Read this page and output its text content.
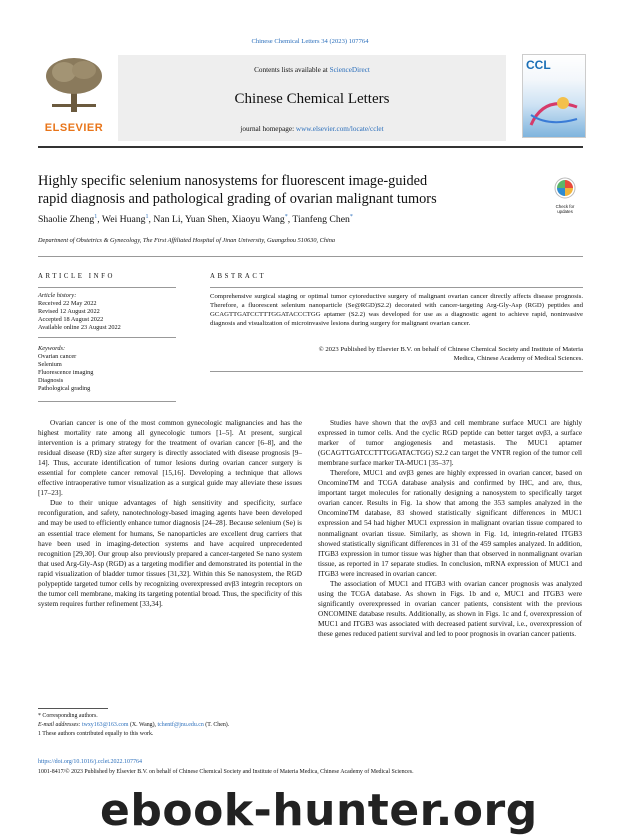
Chinese Chemical Letters 34 (2023) 107764
ELSEVIER
Contents lists available at ScienceDirect
Chinese Chemical Letters
journal homepage: www.elsevier.com/locate/cclet
CCL
Highly specific selenium nanosystems for fluorescent image-guided
rapid diagnosis and pathological grading of ovarian malignant tumors	Check for updates
Shaolie Zheng$^1$, Wei Huang$^1$, Nan Li, Yuan Shen, Xiaoyu Wang*, Tianfeng Chen*
Department of Obstetrics & Gynecology, The First Affiliated Hospital of Jinan University, Guangzhou 510630, China
ARTICLE INFO	ABSTRACT
Article history:
Received 22 May 2022
Revised 12 August 2022
Accepted 18 August 2022
Available online 23 August 2022
Keywords:
Ovarian cancer
Selenium
Fluorescence imaging
Diagnosis
Pathological grading
Comprehensive surgical staging or optimal tumor cytoreductive surgery of malignant ovarian cancer directly affects disease prognosis. Therefore, a fluorescent selenium nanoparticle (Se@RGD)S2.2) decorated with cancer-targeting Arg-Gly-Asp (RGD) peptides and GCAGTTGATCCTTTGGATACCCTGG aptamer (S2.2) was developed for use as a diagnostic agent to achieve rapid, noninvasive diagnosis and visualization of microinvasive lesions during surgery for malignant ovarian cancer.
© 2023 Published by Elsevier B.V. on behalf of Chinese Chemical Society and Institute of Materia
Medica, Chinese Academy of Medical Sciences.

Ovarian cancer is one of the most common gynecologic malignancies and has the highest mortality rate among all gynecologic tumors [1–5]. At present, surgical intervention is a primary strategy for the treatment of ovarian cancer [6–8], and the residual disease (RD) size after surgery is directly associated with disease prognosis [9–14]. Thus, accurate identification of tumor lesions during ovarian cancer surgery is essential for complete cancer removal [15,16]. Developing a technique that allows effective intraoperative tumor visualization as a surgical guide may alleviate these issues [17–23].

Due to their unique advantages of high sensitivity and specificity, surface reconfiguration, and safety, nanotechnology-based imaging agents have been developed and may be used to efficiently enhance tumor diagnosis [24–28]. Because selenium (Se) is an essential trace element for humans, Se nanoparticles are excellent drug carriers that have been used in imaging-detection systems and have acquired unprecedented recognition [29,30]. Our group also previously prepared a cancer-targeted Se nano system that used Arg-Gly-Asp (RGD) as a targeting modifier and demonstrated its potential in the rapid visualization of bladder tumor tissues [31,32]. Within this Se nanosystem, the RGD polypeptide targeted tumor cells by recognizing overexpressed αvβ3 integrin receptors on the tumor cell membrane, making its targeting potential broad. Thus, the specificity of this system requires further refinement [33,34].

Studies have shown that the αvβ3 and cell membrane surface MUC1 are highly expressed in tumor cells. And the cyclic RGD peptide can better target αvβ3, a surface marker of tumor angiogenesis and metastasis. The MUC1 aptamer (GCAGTTGATCCTTTGGATACTGG) S2.2 can target the VNTR region of the tumor cell membrane surface marker TA-MUC1 [35–37].

Therefore, MUC1 and αvβ3 genes are highly expressed in ovarian cancer, based on OncomineTM and TCGA database analysis and confirmed by IHC, and are, thus, important target molecules for rationally designing a nanosystem to specifically target ovarian cancer. Results in Fig. 1a show that among the 353 samples analyzed in the OncomineTM database, 83 showed statistically significant differences in MUC1 expression and 54 had higher MUC1 expression in malignant ovarian tissue compared to nonmalignant ovarian tissue. Similarly, as shown in Fig. 1d, integrin-related ITGB3 showed statistically significant differences in 31 of the 459 samples analyzed. In addition, ITGB3 expression in tumor tissue was higher than that observed in nonmalignant ovarian tissue, as reported in 17 separate studies. In conclusion, mRNA expression of MUC1 and ITGB3 were increased in ovarian cancer.

The association of MUC1 and ITGB3 with ovarian cancer prognosis was analyzed using the TCGA database. As shown in Figs. 1b and e, MUC1 and ITGB3 were significantly overexpressed in ovarian cancer patients, consistent with the previous ONCOMINE database results. Additionally, as shown in Figs. 1c and f, overexpression of MUC1 and ITGB3 was associated with decreased patient survival, i.e., overexpression of these genes reduced patient survival and led to poor prognosis in ovarian cancer patients.

* Corresponding authors.
E-mail addresses: twxy163@163.com (X. Wang), tchentf@jnu.edu.cn (T. Chen).
1 These authors contributed equally to this work.
https://doi.org/10.1016/j.cclet.2022.107764
1001-8417/© 2023 Published by Elsevier B.V. on behalf of Chinese Chemical Society and Institute of Materia Medica, Chinese Academy of Medical Sciences.
ebook-hunter.org
